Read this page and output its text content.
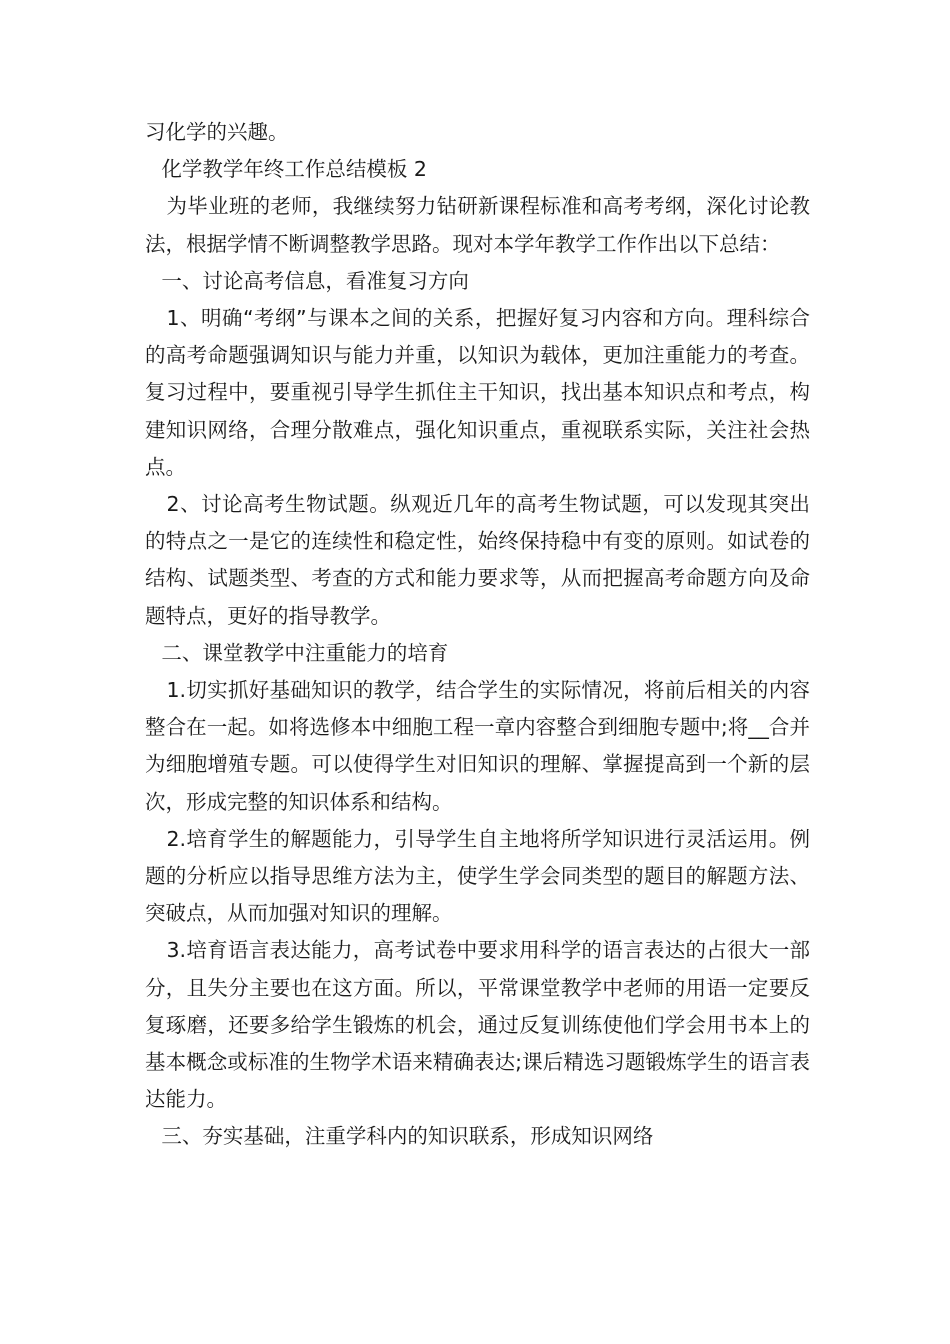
习化学的兴趣。

化学教学年终工作总结模板 2

为毕业班的老师，我继续努力钻研新课程标准和高考考纲，深化讨论教法，根据学情不断调整教学思路。现对本学年教学工作作出以下总结：

一、讨论高考信息，看准复习方向

1、明确“考纲”与课本之间的关系，把握好复习内容和方向。理科综合的高考命题强调知识与能力并重，以知识为载体，更加注重能力的考查。复习过程中，要重视引导学生抓住主干知识，找出基本知识点和考点，构建知识网络，合理分散难点，强化知识重点，重视联系实际，关注社会热点。

2、讨论高考生物试题。纵观近几年的高考生物试题，可以发现其突出的特点之一是它的连续性和稳定性，始终保持稳中有变的原则。如试卷的结构、试题类型、考查的方式和能力要求等，从而把握高考命题方向及命题特点，更好的指导教学。

二、课堂教学中注重能力的培育

1.切实抓好基础知识的教学，结合学生的实际情况，将前后相关的内容整合在一起。如将选修本中细胞工程一章内容整合到细胞专题中;将__合并为细胞增殖专题。可以使得学生对旧知识的理解、掌握提高到一个新的层次，形成完整的知识体系和结构。

2.培育学生的解题能力，引导学生自主地将所学知识进行灵活运用。例题的分析应以指导思维方法为主，使学生学会同类型的题目的解题方法、突破点，从而加强对知识的理解。

3.培育语言表达能力，高考试卷中要求用科学的语言表达的占很大一部分，且失分主要也在这方面。所以，平常课堂教学中老师的用语一定要反复琢磨，还要多给学生锻炼的机会，通过反复训练使他们学会用书本上的基本概念或标准的生物学术语来精确表达;课后精选习题锻炼学生的语言表达能力。

三、夯实基础，注重学科内的知识联系，形成知识网络
